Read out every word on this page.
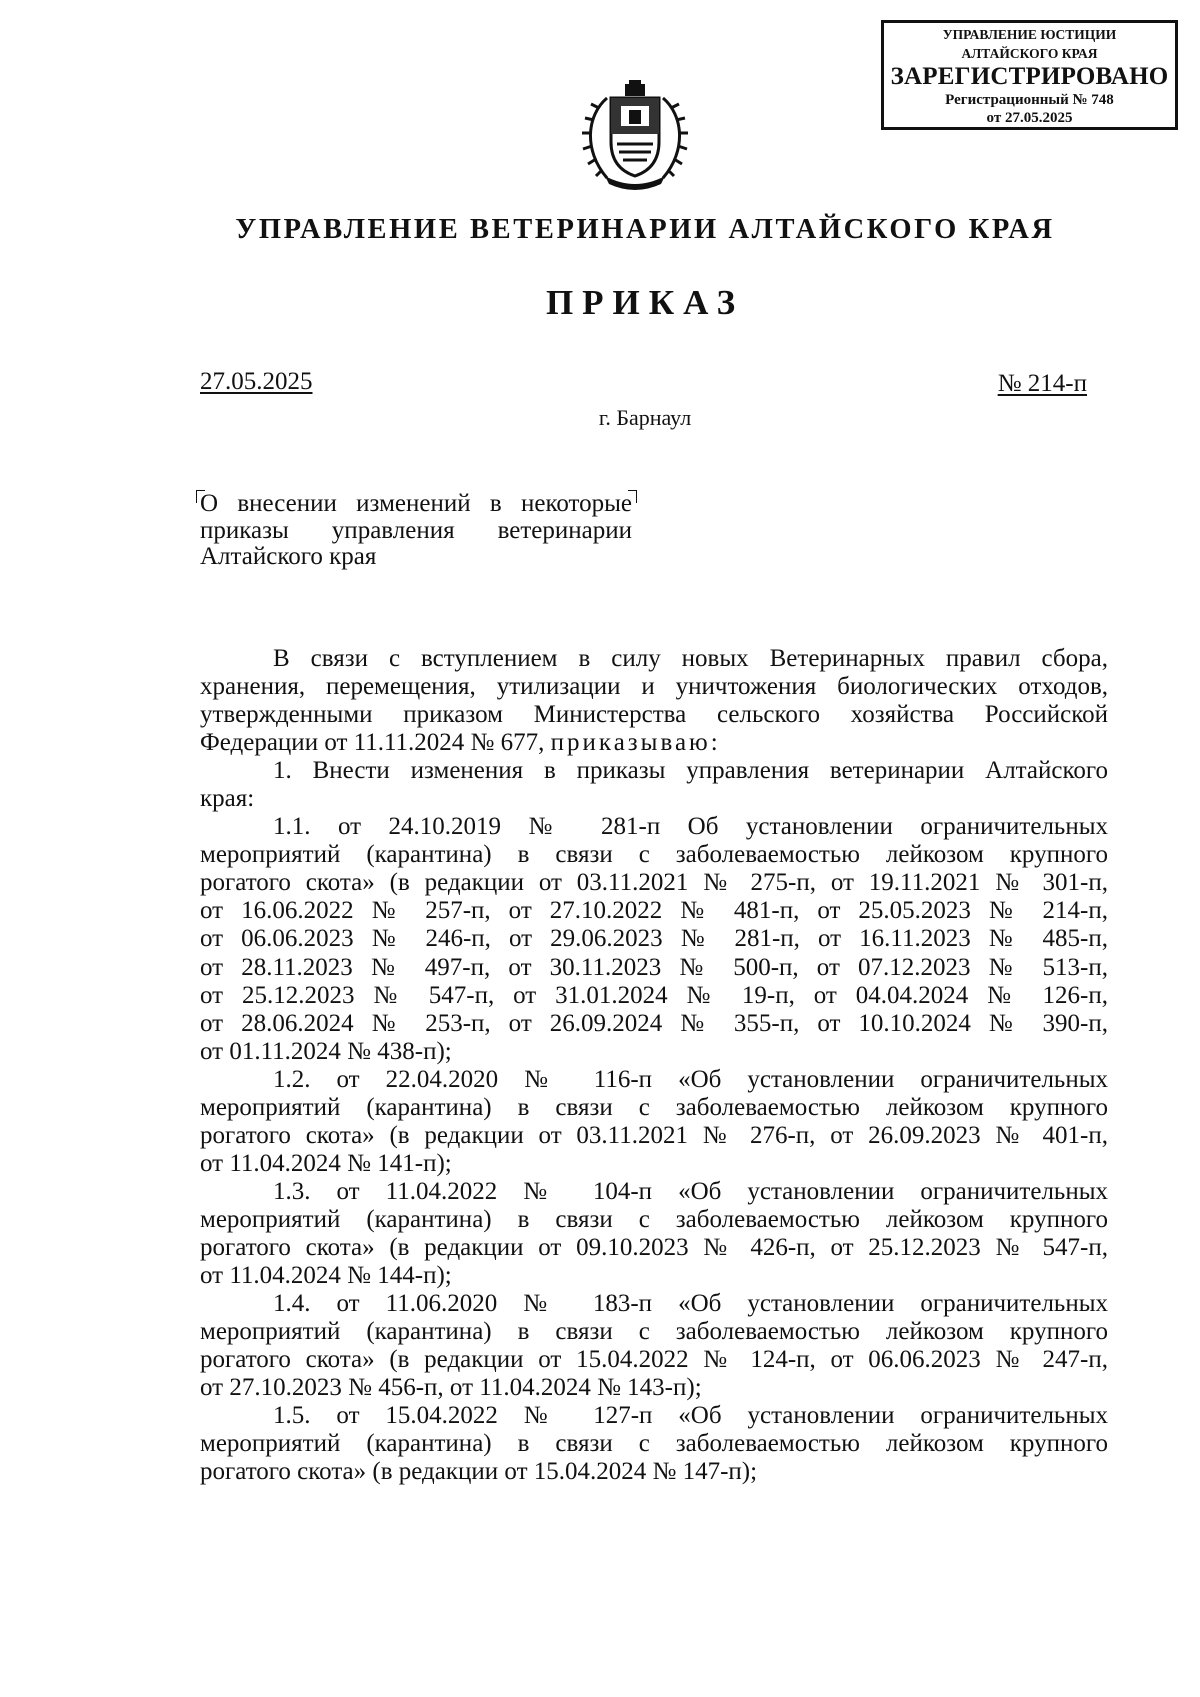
УПРАВЛЕНИЕ ЮСТИЦИИ
АЛТАЙСКОГО КРАЯ
ЗАРЕГИСТРИРОВАНО
Регистрационный № 748
от 27.05.2025
УПРАВЛЕНИЕ ВЕТЕРИНАРИИ АЛТАЙСКОГО КРАЯ
ПРИКАЗ
27.05.2025	№ 214-п
г. Барнаул
О внесении изменений в некоторые
приказы управления ветеринарии
Алтайского края
В связи с вступлением в силу новых Ветеринарных правил сбора,
хранения, перемещения, утилизации и уничтожения биологических отходов,
утвержденными приказом Министерства сельского хозяйства Российской
Федерации от 11.11.2024 № 677, приказываю:
1. Внести изменения в приказы управления ветеринарии Алтайского
края:
1.1. от 24.10.2019 № 281-п Об установлении ограничительных
мероприятий (карантина) в связи с заболеваемостью лейкозом крупного
рогатого скота» (в редакции от 03.11.2021 № 275-п, от 19.11.2021 № 301-п,
от 16.06.2022 № 257-п, от 27.10.2022 № 481-п, от 25.05.2023 № 214-п,
от 06.06.2023 № 246-п, от 29.06.2023 № 281-п, от 16.11.2023 № 485-п,
от 28.11.2023 № 497-п, от 30.11.2023 № 500-п, от 07.12.2023 № 513-п,
от 25.12.2023 № 547-п, от 31.01.2024 № 19-п, от 04.04.2024 № 126-п,
от 28.06.2024 № 253-п, от 26.09.2024 № 355-п, от 10.10.2024 № 390-п,
от 01.11.2024 № 438-п);
1.2. от 22.04.2020 № 116-п «Об установлении ограничительных
мероприятий (карантина) в связи с заболеваемостью лейкозом крупного
рогатого скота» (в редакции от 03.11.2021 № 276-п, от 26.09.2023 № 401-п,
от 11.04.2024 № 141-п);
1.3. от 11.04.2022 № 104-п «Об установлении ограничительных
мероприятий (карантина) в связи с заболеваемостью лейкозом крупного
рогатого скота» (в редакции от 09.10.2023 № 426-п, от 25.12.2023 № 547-п,
от 11.04.2024 № 144-п);
1.4. от 11.06.2020 № 183-п «Об установлении ограничительных
мероприятий (карантина) в связи с заболеваемостью лейкозом крупного
рогатого скота» (в редакции от 15.04.2022 № 124-п, от 06.06.2023 № 247-п,
от 27.10.2023 № 456-п, от 11.04.2024 № 143-п);
1.5. от 15.04.2022 № 127-п «Об установлении ограничительных
мероприятий (карантина) в связи с заболеваемостью лейкозом крупного
рогатого скота» (в редакции от 15.04.2024 № 147-п);
